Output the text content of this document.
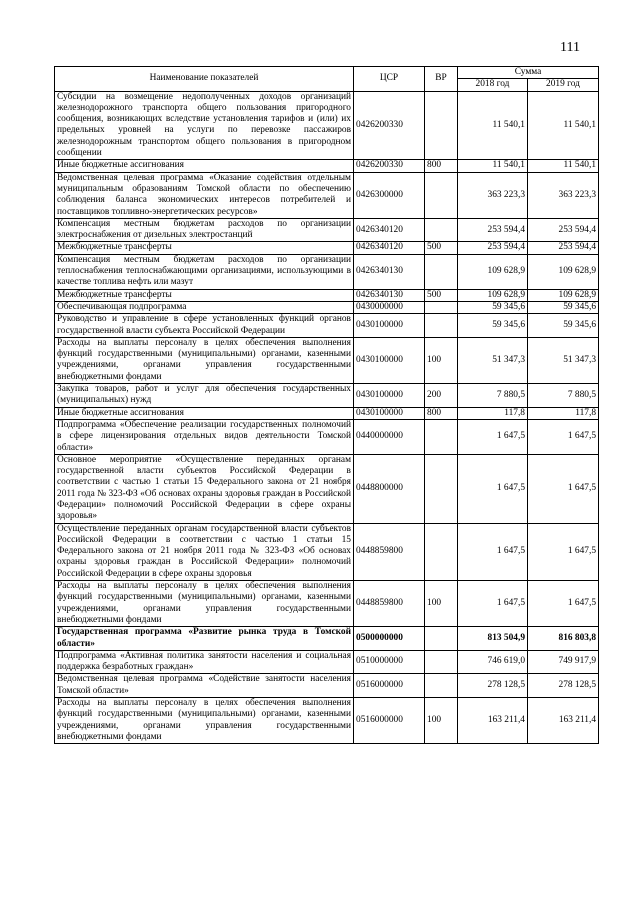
111
Наименование показателей	ЦСР	ВР	Сумма	
			2018 год	2019 год
Субсидии на возмещение недополученных доходов организаций железнодорожного транспорта общего пользования пригородного сообщения, возникающих вследствие установления тарифов и (или) их предельных уровней на услуги по перевозке пассажиров железнодорожным транспортом общего пользования в пригородном сообщении	0426200330		11 540,1	11 540,1
Иные бюджетные ассигнования	0426200330	800	11 540,1	11 540,1
Ведомственная целевая программа «Оказание содействия отдельным муниципальным образованиям Томской области по обеспечению соблюдения баланса экономических интересов потребителей и поставщиков топливно-энергетических ресурсов»	0426300000		363 223,3	363 223,3
Компенсация местным бюджетам расходов по организации электроснабжения от дизельных электростанций	0426340120		253 594,4	253 594,4
Межбюджетные трансферты	0426340120	500	253 594,4	253 594,4
Компенсация местным бюджетам расходов по организации теплоснабжения теплоснабжающими организациями, использующими в качестве топлива нефть или мазут	0426340130		109 628,9	109 628,9
Межбюджетные трансферты	0426340130	500	109 628,9	109 628,9
Обеспечивающая подпрограмма	0430000000		59 345,6	59 345,6
Руководство и управление в сфере установленных функций органов государственной власти субъекта Российской Федерации	0430100000		59 345,6	59 345,6
Расходы на выплаты персоналу в целях обеспечения выполнения функций государственными (муниципальными) органами, казенными учреждениями, органами управления государственными внебюджетными фондами	0430100000	100	51 347,3	51 347,3
Закупка товаров, работ и услуг для обеспечения государственных (муниципальных) нужд	0430100000	200	7 880,5	7 880,5
Иные бюджетные ассигнования	0430100000	800	117,8	117,8
Подпрограмма «Обеспечение реализации государственных полномочий в сфере лицензирования отдельных видов деятельности Томской области»	0440000000		1 647,5	1 647,5
Основное мероприятие «Осуществление переданных органам государственной власти субъектов Российской Федерации в соответствии с частью 1 статьи 15 Федерального закона от 21 ноября 2011 года № 323-ФЗ «Об основах охраны здоровья граждан в Российской Федерации» полномочий Российской Федерации в сфере охраны здоровья»	0448800000		1 647,5	1 647,5
Осуществление переданных органам государственной власти субъектов Российской Федерации в соответствии с частью 1 статьи 15 Федерального закона от 21 ноября 2011 года № 323-ФЗ «Об основах охраны здоровья граждан в Российской Федерации» полномочий Российской Федерации в сфере охраны здоровья	0448859800		1 647,5	1 647,5
Расходы на выплаты персоналу в целях обеспечения выполнения функций государственными (муниципальными) органами, казенными учреждениями, органами управления государственными внебюджетными фондами	0448859800	100	1 647,5	1 647,5
Государственная программа «Развитие рынка труда в Томской области»	0500000000		813 504,9	816 803,8
Подпрограмма «Активная политика занятости населения и социальная поддержка безработных граждан»	0510000000		746 619,0	749 917,9
Ведомственная целевая программа «Содействие занятости населения Томской области»	0516000000		278 128,5	278 128,5
Расходы на выплаты персоналу в целях обеспечения выполнения функций государственными (муниципальными) органами, казенными учреждениями, органами управления государственными внебюджетными фондами	0516000000	100	163 211,4	163 211,4
